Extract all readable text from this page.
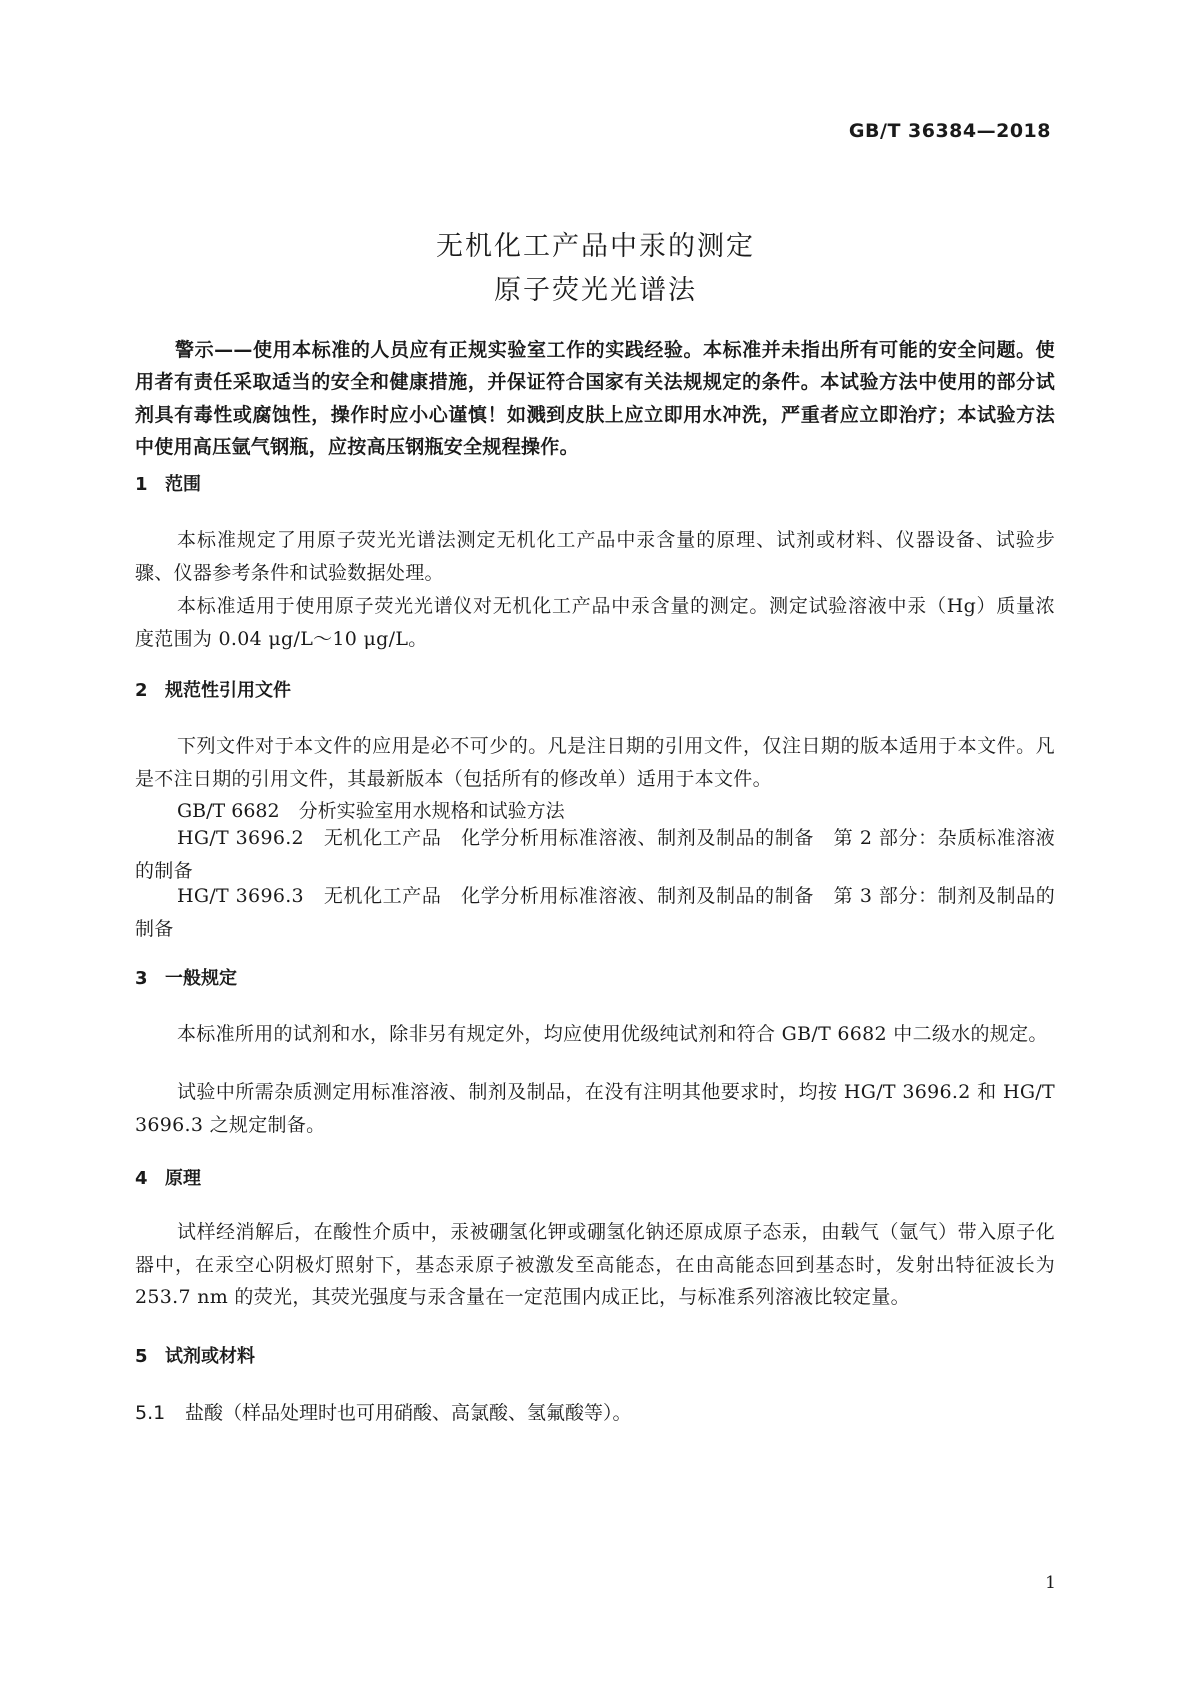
GB/T 36384—2018
无机化工产品中汞的测定
原子荧光光谱法
警示——使用本标准的人员应有正规实验室工作的实践经验。本标准并未指出所有可能的安全问题。使用者有责任采取适当的安全和健康措施，并保证符合国家有关法规规定的条件。本试验方法中使用的部分试剂具有毒性或腐蚀性，操作时应小心谨慎！如溅到皮肤上应立即用水冲洗，严重者应立即治疗；本试验方法中使用高压氩气钢瓶，应按高压钢瓶安全规程操作。
1 范围
本标准规定了用原子荧光光谱法测定无机化工产品中汞含量的原理、试剂或材料、仪器设备、试验步骤、仪器参考条件和试验数据处理。
本标准适用于使用原子荧光光谱仪对无机化工产品中汞含量的测定。测定试验溶液中汞（Hg）质量浓度范围为 0.04 μg/L～10 μg/L。
2 规范性引用文件
下列文件对于本文件的应用是必不可少的。凡是注日期的引用文件，仅注日期的版本适用于本文件。凡是不注日期的引用文件，其最新版本（包括所有的修改单）适用于本文件。
GB/T 6682　分析实验室用水规格和试验方法
HG/T 3696.2　无机化工产品　化学分析用标准溶液、制剂及制品的制备　第 2 部分：杂质标准溶液的制备
HG/T 3696.3　无机化工产品　化学分析用标准溶液、制剂及制品的制备　第 3 部分：制剂及制品的制备
3 一般规定
本标准所用的试剂和水，除非另有规定外，均应使用优级纯试剂和符合 GB/T 6682 中二级水的规定。
试验中所需杂质测定用标准溶液、制剂及制品，在没有注明其他要求时，均按 HG/T 3696.2 和 HG/T 3696.3 之规定制备。
4 原理
试样经消解后，在酸性介质中，汞被硼氢化钾或硼氢化钠还原成原子态汞，由载气（氩气）带入原子化器中，在汞空心阴极灯照射下，基态汞原子被激发至高能态，在由高能态回到基态时，发射出特征波长为 253.7 nm 的荧光，其荧光强度与汞含量在一定范围内成正比，与标准系列溶液比较定量。
5 试剂或材料
5.1 盐酸（样品处理时也可用硝酸、高氯酸、氢氟酸等）。
1
